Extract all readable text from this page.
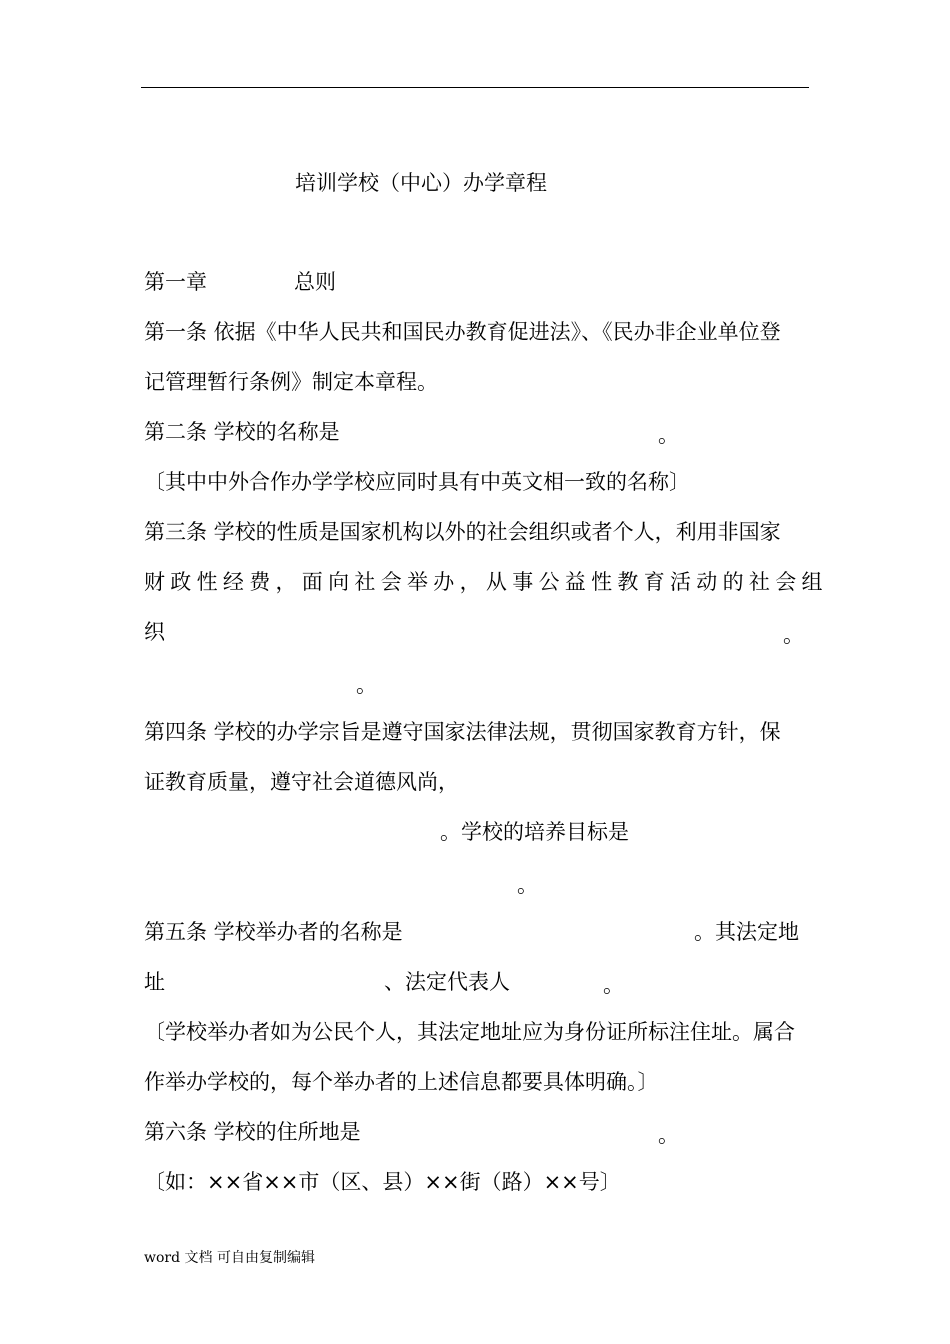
培训学校（中心）办学章程
第一章	总则
第一条 依据《中华人民共和国民办教育促进法》、《民办非企业单位登
记管理暂行条例》制定本章程。
第二条 学校的名称是	。
〔其中中外合作办学学校应同时具有中英文相一致的名称〕
第三条 学校的性质是国家机构以外的社会组织或者个人，利用非国家
财政性经费，面向社会举办，从事公益性教育活动的社会组
织	。
。
第四条 学校的办学宗旨是遵守国家法律法规，贯彻国家教育方针，保
证教育质量，遵守社会道德风尚，
。学校的培养目标是
。
第五条 学校举办者的名称是	。其法定地
址	、法定代表人	。
〔学校举办者如为公民个人，其法定地址应为身份证所标注住址。属合
作举办学校的，每个举办者的上述信息都要具体明确。〕
第六条 学校的住所地是	。
〔如：××省××市（区、县）××街（路）××号〕
word 文档 可自由复制编辑
